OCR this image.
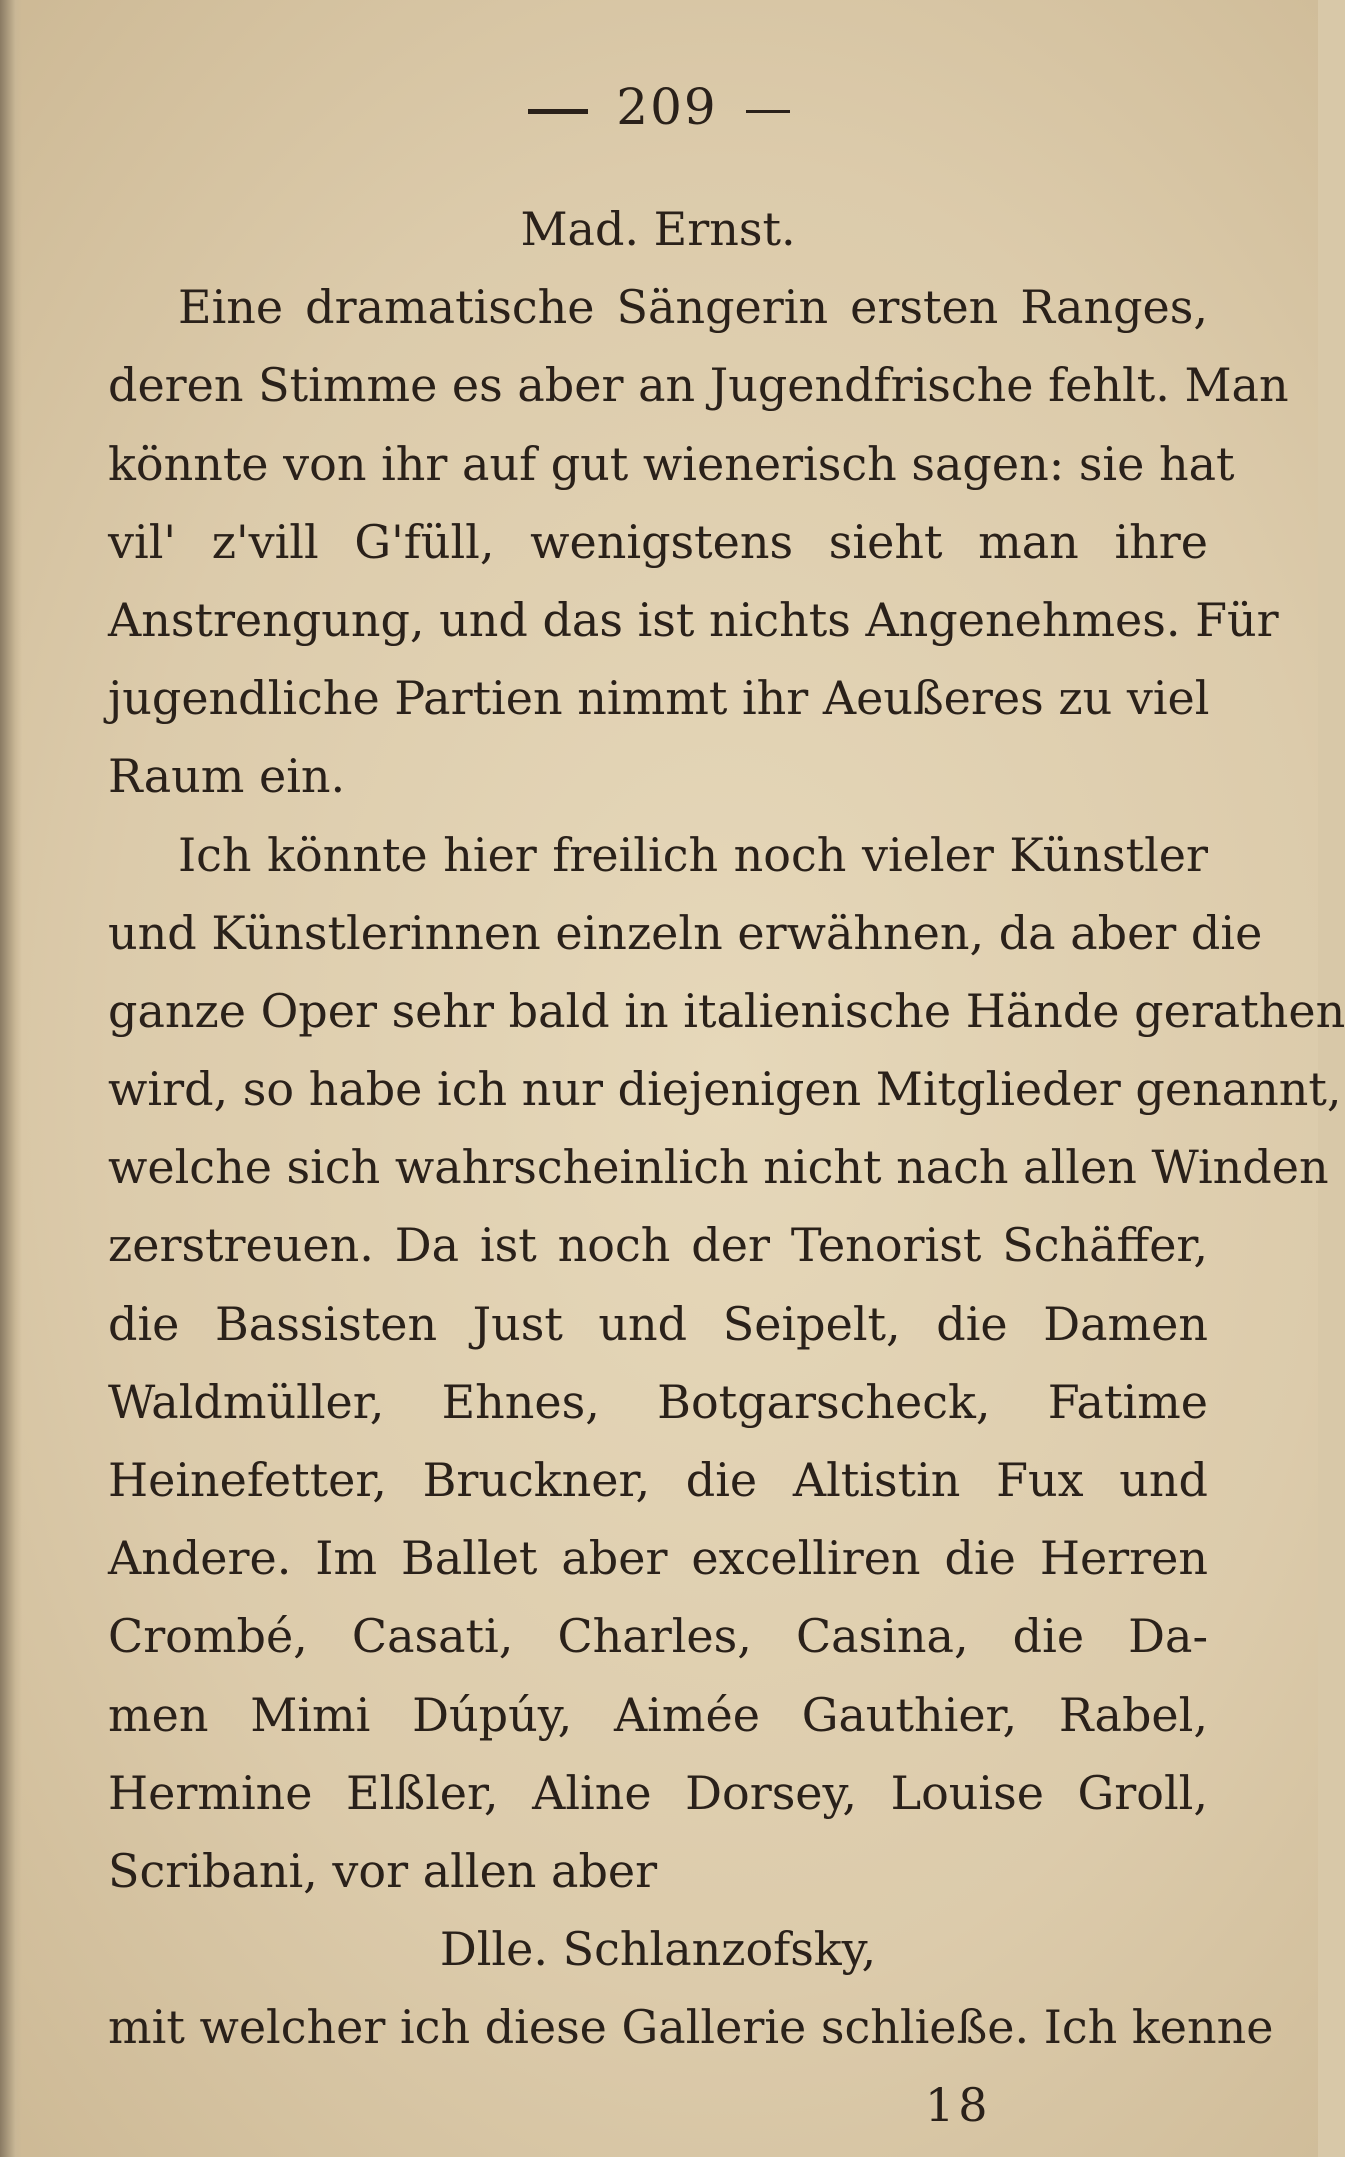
209
Mad. Ernst.
Eine dramatische Sängerin ersten Ranges,
deren Stimme es aber an Jugendfrische fehlt. Man
könnte von ihr auf gut wienerisch sagen: sie hat
vil' z'vill G'füll, wenigstens sieht man ihre
Anstrengung, und das ist nichts Angenehmes. Für
jugendliche Partien nimmt ihr Aeußeres zu viel
Raum ein.
Ich könnte hier freilich noch vieler Künstler
und Künstlerinnen einzeln erwähnen, da aber die
ganze Oper sehr bald in italienische Hände gerathen
wird, so habe ich nur diejenigen Mitglieder genannt,
welche sich wahrscheinlich nicht nach allen Winden
zerstreuen. Da ist noch der Tenorist Schäffer,
die Bassisten Just und Seipelt, die Damen
Waldmüller, Ehnes, Botgarscheck, Fatime
Heinefetter, Bruckner, die Altistin Fux und
Andere. Im Ballet aber excelliren die Herren
Crombé, Casati, Charles, Casina, die Da-
men Mimi Dúpúy, Aimée Gauthier, Rabel,
Hermine Elßler, Aline Dorsey, Louise Groll,
Scribani, vor allen aber
Dlle. Schlanzofsky,
mit welcher ich diese Gallerie schließe. Ich kenne
18
